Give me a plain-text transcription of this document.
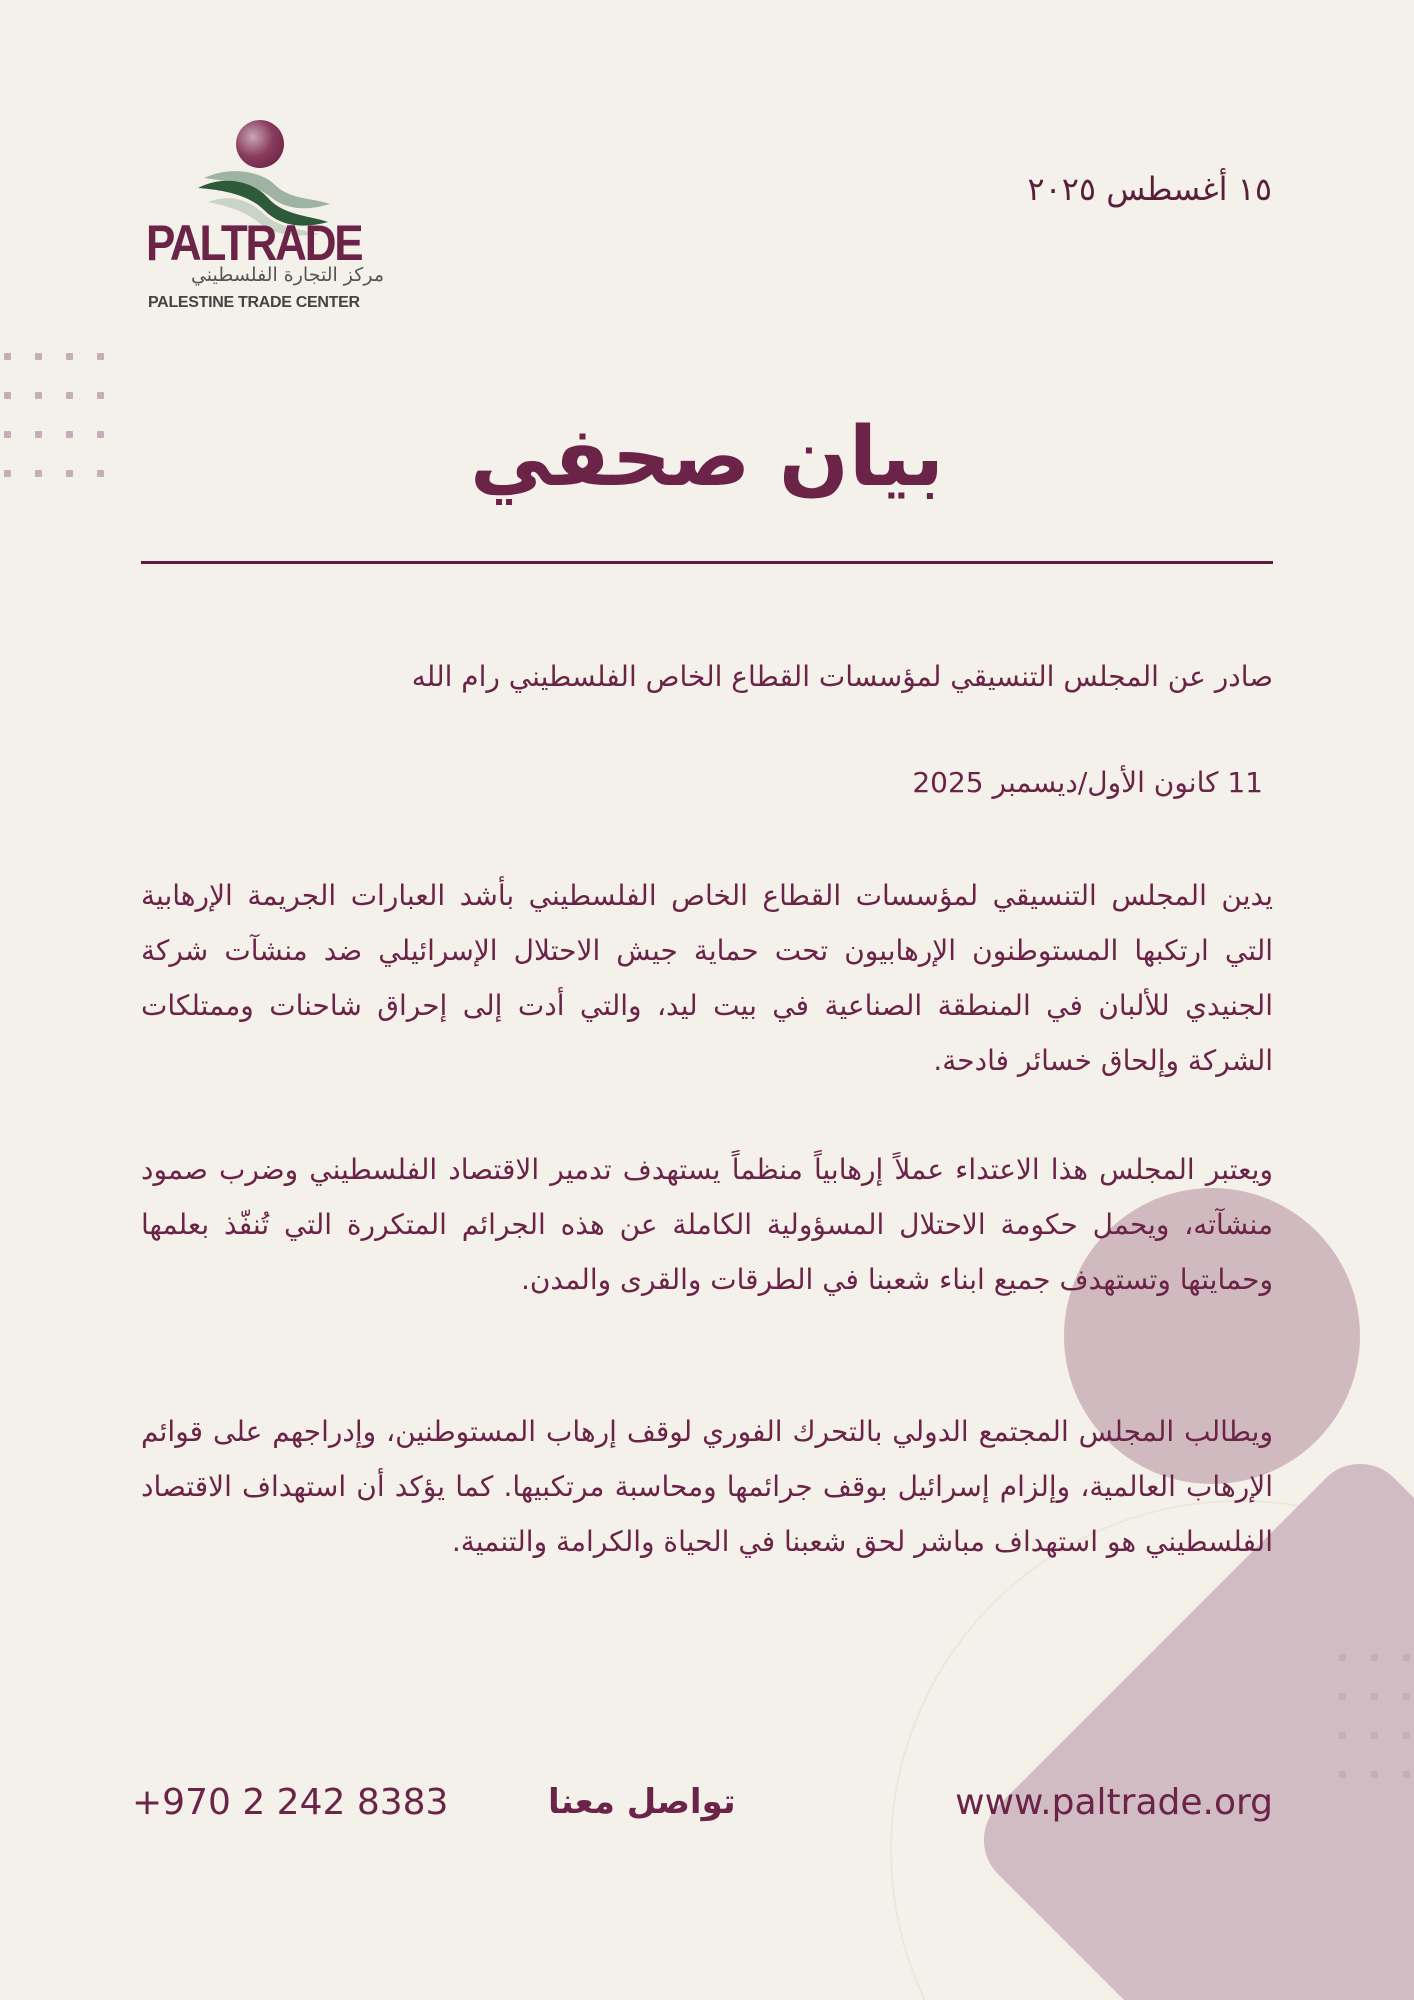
PALTRADE
مركز التجارة الفلسطيني
PALESTINE TRADE CENTER
١٥ أغسطس ٢٠٢٥
بيان صحفي
صادر عن المجلس التنسيقي لمؤسسات القطاع الخاص الفلسطيني رام الله
11 كانون الأول/ديسمبر 2025

يدين المجلس التنسيقي لمؤسسات القطاع الخاص الفلسطيني بأشد العبارات الجريمة الإرهابية التي ارتكبها المستوطنون الإرهابيون تحت حماية جيش الاحتلال الإسرائيلي ضد منشآت شركة الجنيدي للألبان في المنطقة الصناعية في بيت ليد، والتي أدت إلى إحراق شاحنات وممتلكات الشركة وإلحاق خسائر فادحة.

ويعتبر المجلس هذا الاعتداء عملاً إرهابياً منظماً يستهدف تدمير الاقتصاد الفلسطيني وضرب صمود منشآته، ويحمل حكومة الاحتلال المسؤولية الكاملة عن هذه الجرائم المتكررة التي تُنفّذ بعلمها وحمايتها وتستهدف جميع ابناء شعبنا في الطرقات والقرى والمدن.

ويطالب المجلس المجتمع الدولي بالتحرك الفوري لوقف إرهاب المستوطنين، وإدراجهم على قوائم الإرهاب العالمية، وإلزام إسرائيل بوقف جرائمها ومحاسبة مرتكبيها. كما يؤكد أن استهداف الاقتصاد الفلسطيني هو استهداف مباشر لحق شعبنا في الحياة والكرامة والتنمية.

www.paltrade.org
تواصل معنا
+970 2 242 8383
